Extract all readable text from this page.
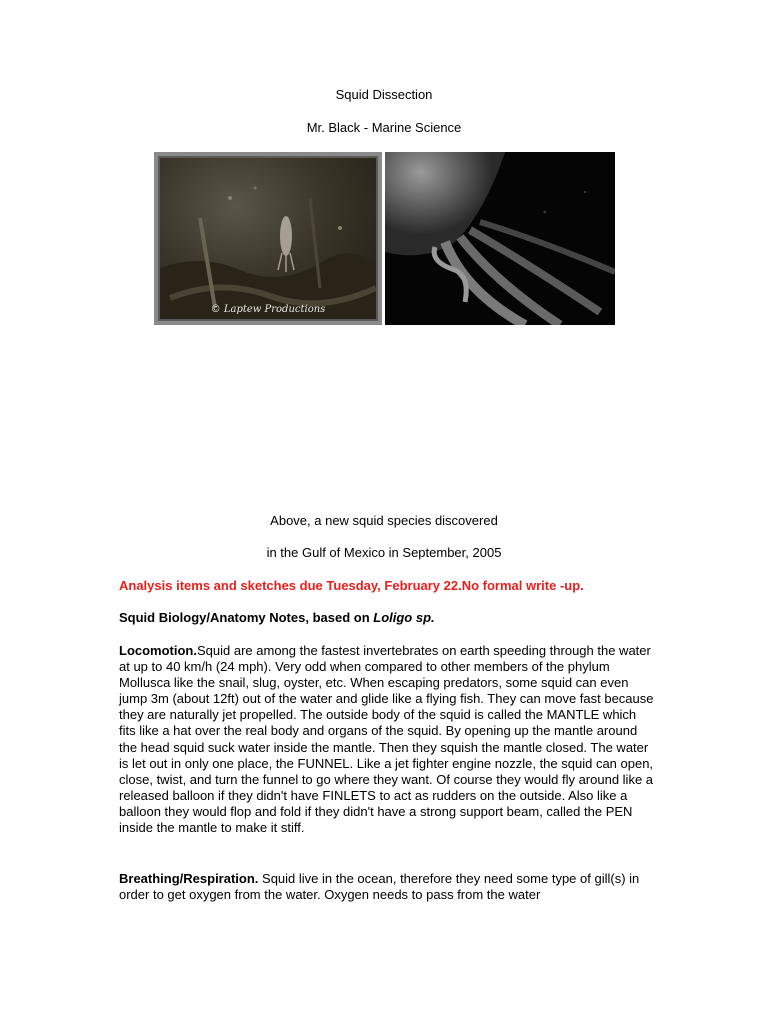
Squid Dissection
Mr. Black - Marine Science
© Laptew Productions
Above, a new squid species discovered
in the Gulf of Mexico in September, 2005
Analysis items and sketches due Tuesday, February 22.No formal write -up.
Squid Biology/Anatomy Notes, based on Loligo sp.
Locomotion.Squid are among the fastest invertebrates on earth speeding through the water at up to 40 km/h (24 mph). Very odd when compared to other members of the phylum Mollusca like the snail, slug, oyster, etc. When escaping predators, some squid can even jump 3m (about 12ft) out of the water and glide like a flying fish. They can move fast because they are naturally jet propelled. The outside body of the squid is called the MANTLE which fits like a hat over the real body and organs of the squid. By opening up the mantle around the head squid suck water inside the mantle. Then they squish the mantle closed. The water is let out in only one place, the FUNNEL. Like a jet fighter engine nozzle, the squid can open, close, twist, and turn the funnel to go where they want. Of course they would fly around like a released balloon if they didn't have FINLETS to act as rudders on the outside. Also like a balloon they would flop and fold if they didn't have a strong support beam, called the PEN inside the mantle to make it stiff.
Breathing/Respiration. Squid live in the ocean, therefore they need some type of gill(s) in order to get oxygen from the water. Oxygen needs to pass from the water
